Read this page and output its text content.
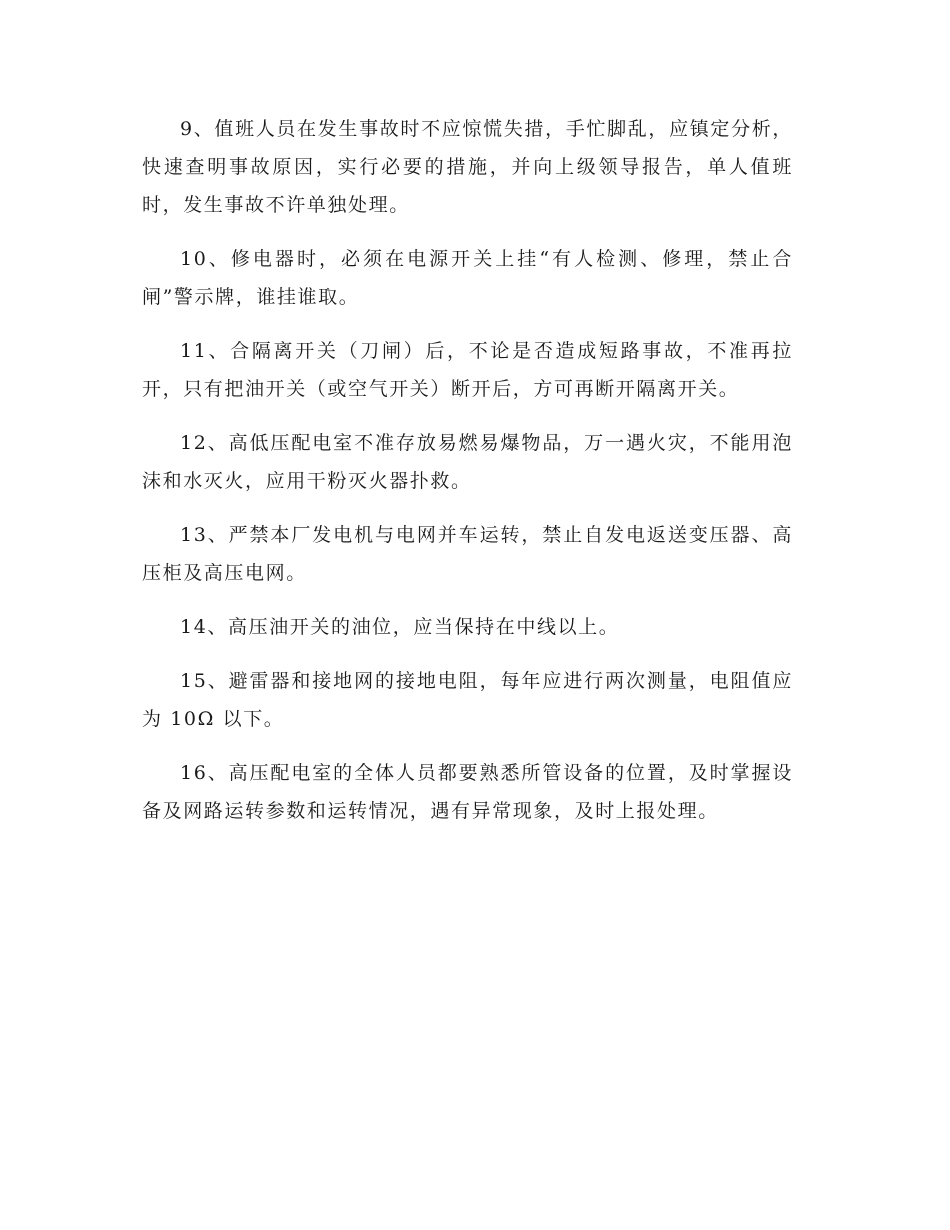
9、值班人员在发生事故时不应惊慌失措，手忙脚乱，应镇定分析，快速查明事故原因，实行必要的措施，并向上级领导报告，单人值班时，发生事故不许单独处理。

10、修电器时，必须在电源开关上挂“有人检测、修理，禁止合闸”警示牌，谁挂谁取。

11、合隔离开关（刀闸）后，不论是否造成短路事故，不准再拉开，只有把油开关（或空气开关）断开后，方可再断开隔离开关。

12、高低压配电室不准存放易燃易爆物品，万一遇火灾，不能用泡沫和水灭火，应用干粉灭火器扑救。

13、严禁本厂发电机与电网并车运转，禁止自发电返送变压器、高压柜及高压电网。

14、高压油开关的油位，应当保持在中线以上。

15、避雷器和接地网的接地电阻，每年应进行两次测量，电阻值应为 10Ω 以下。

16、高压配电室的全体人员都要熟悉所管设备的位置，及时掌握设备及网路运转参数和运转情况，遇有异常现象，及时上报处理。
